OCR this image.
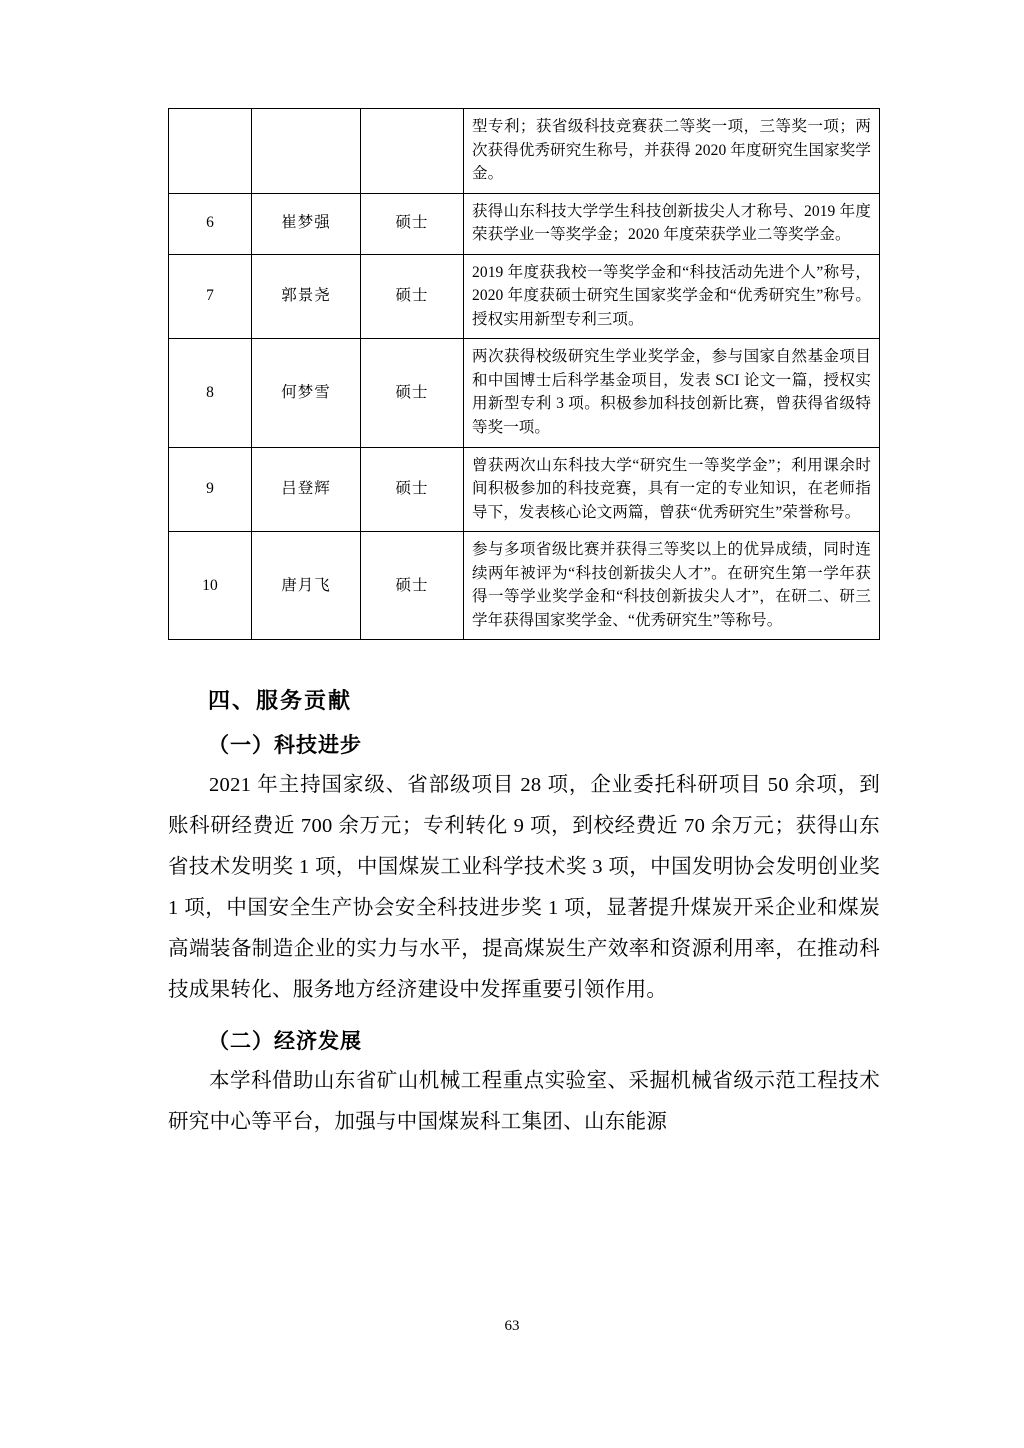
			型专利；获省级科技竞赛获二等奖一项，三等奖一项；两次获得优秀研究生称号，并获得 2020 年度研究生国家奖学金。
6	崔梦强	硕士	获得山东科技大学学生科技创新拔尖人才称号、2019 年度荣获学业一等奖学金；2020 年度荣获学业二等奖学金。
7	郭景尧	硕士	2019 年度获我校一等奖学金和“科技活动先进个人”称号，2020 年度获硕士研究生国家奖学金和“优秀研究生”称号。授权实用新型专利三项。
8	何梦雪	硕士	两次获得校级研究生学业奖学金，参与国家自然基金项目和中国博士后科学基金项目，发表 SCI 论文一篇，授权实用新型专利 3 项。积极参加科技创新比赛，曾获得省级特等奖一项。
9	吕登辉	硕士	曾获两次山东科技大学“研究生一等奖学金”；利用课余时间积极参加的科技竞赛，具有一定的专业知识，在老师指导下，发表核心论文两篇，曾获“优秀研究生”荣誉称号。
10	唐月飞	硕士	参与多项省级比赛并获得三等奖以上的优异成绩，同时连续两年被评为“科技创新拔尖人才”。在研究生第一学年获得一等学业奖学金和“科技创新拔尖人才”，在研二、研三学年获得国家奖学金、“优秀研究生”等称号。
四、服务贡献
（一）科技进步

2021 年主持国家级、省部级项目 28 项，企业委托科研项目 50 余项，到账科研经费近 700 余万元；专利转化 9 项，到校经费近 70 余万元；获得山东省技术发明奖 1 项，中国煤炭工业科学技术奖 3 项，中国发明协会发明创业奖 1 项，中国安全生产协会安全科技进步奖 1 项，显著提升煤炭开采企业和煤炭高端装备制造企业的实力与水平，提高煤炭生产效率和资源利用率，在推动科技成果转化、服务地方经济建设中发挥重要引领作用。

（二）经济发展

本学科借助山东省矿山机械工程重点实验室、采掘机械省级示范工程技术研究中心等平台，加强与中国煤炭科工集团、山东能源

63
